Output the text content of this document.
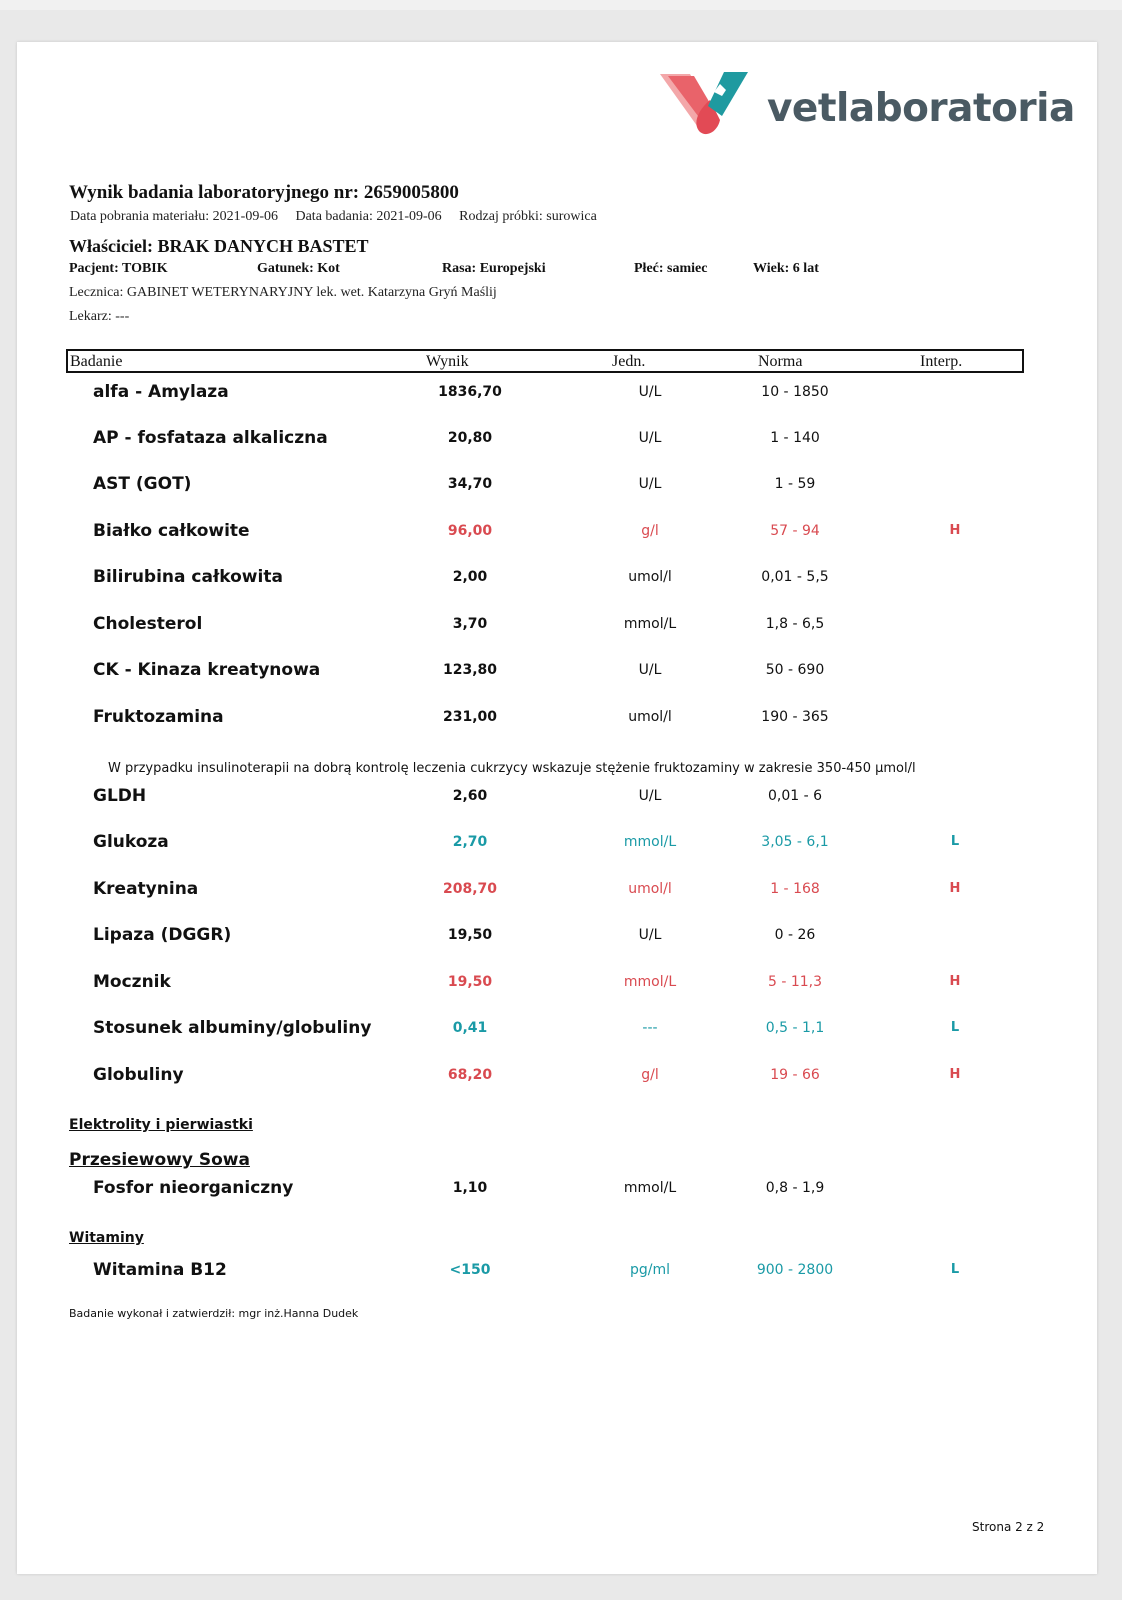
vetlaboratoria
Wynik badania laboratoryjnego nr: 2659005800
Data pobrania materiału: 2021-09-06 Data badania: 2021-09-06 Rodzaj próbki: surowica
Właściciel: BRAK DANYCH BASTET
Pacjent: TOBIK	Gatunek: Kot	Rasa: Europejski	Płeć: samiec	Wiek: 6 lat
Lecznica: GABINET WETERYNARYJNY lek. wet. Katarzyna Gryń Maślij
Lekarz: ---
Badanie	Wynik	Jedn.	Norma	Interp.
alfa - Amylaza	1836,70	U/L	10 - 1850
AP - fosfataza alkaliczna	20,80	U/L	1 - 140
AST (GOT)	34,70	U/L	1 - 59
Białko całkowite	96,00	g/l	57 - 94	H
Bilirubina całkowita	2,00	umol/l	0,01 - 5,5
Cholesterol	3,70	mmol/L	1,8 - 6,5
CK - Kinaza kreatynowa	123,80	U/L	50 - 690
Fruktozamina	231,00	umol/l	190 - 365
W przypadku insulinoterapii na dobrą kontrolę leczenia cukrzycy wskazuje stężenie fruktozaminy w zakresie 350-450 µmol/l
GLDH	2,60	U/L	0,01 - 6
Glukoza	2,70	mmol/L	3,05 - 6,1	L
Kreatynina	208,70	umol/l	1 - 168	H
Lipaza (DGGR)	19,50	U/L	0 - 26
Mocznik	19,50	mmol/L	5 - 11,3	H
Stosunek albuminy/globuliny	0,41	---	0,5 - 1,1	L
Globuliny	68,20	g/l	19 - 66	H
Elektrolity i pierwiastki
Przesiewowy Sowa
Fosfor nieorganiczny	1,10	mmol/L	0,8 - 1,9
Witaminy
Witamina B12	<150	pg/ml	900 - 2800	L
Badanie wykonał i zatwierdził: mgr inż.Hanna Dudek
Strona 2 z 2
